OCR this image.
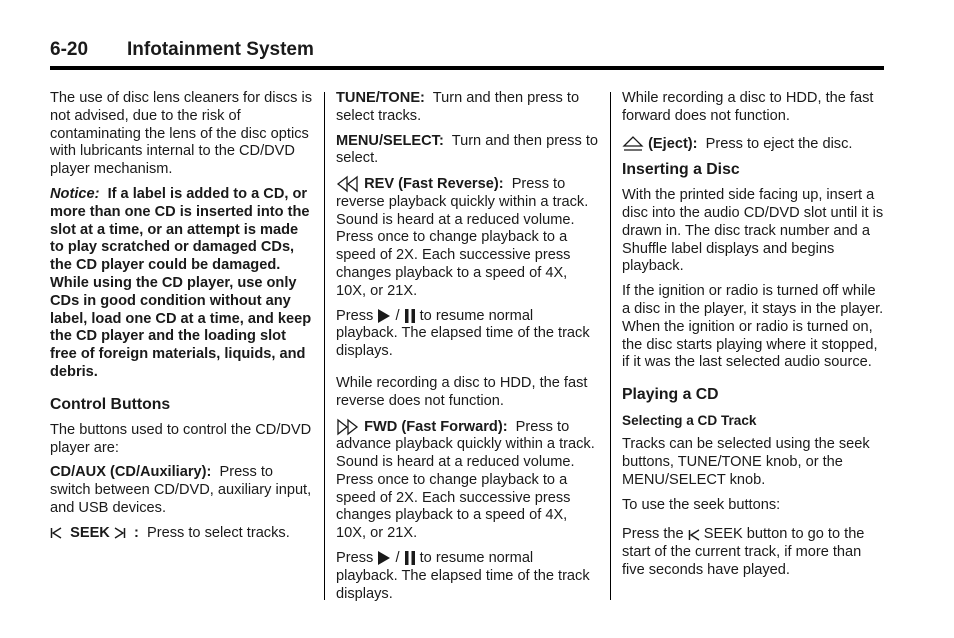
6-20 Infotainment System

The use of disc lens cleaners for discs is not advised, due to the risk of contaminating the lens of the disc optics with lubricants internal to the CD/DVD player mechanism.

Notice: If a label is added to a CD, or more than one CD is inserted into the slot at a time, or an attempt is made to play scratched or damaged CDs, the CD player could be damaged. While using the CD player, use only CDs in good condition without any label, load one CD at a time, and keep the CD player and the loading slot free of foreign materials, liquids, and debris.

Control Buttons

The buttons used to control the CD/DVD player are:

CD/AUX (CD/Auxiliary): Press to switch between CD/DVD, auxiliary input, and USB devices.

SEEK : Press to select tracks.

TUNE/TONE: Turn and then press to select tracks.

MENU/SELECT: Turn and then press to select.

REV (Fast Reverse): Press to reverse playback quickly within a track. Sound is heard at a reduced volume. Press once to change playback to a speed of 2X. Each successive press changes playback to a speed of 4X, 10X, or 21X.

Press / to resume normal playback. The elapsed time of the track displays.

While recording a disc to HDD, the fast reverse does not function.

FWD (Fast Forward): Press to advance playback quickly within a track. Sound is heard at a reduced volume. Press once to change playback to a speed of 2X. Each successive press changes playback to a speed of 4X, 10X, or 21X.

Press / to resume normal playback. The elapsed time of the track displays.

While recording a disc to HDD, the fast forward does not function.

(Eject): Press to eject the disc.

Inserting a Disc

With the printed side facing up, insert a disc into the audio CD/DVD slot until it is drawn in. The disc track number and a Shuffle label displays and begins playback.

If the ignition or radio is turned off while a disc in the player, it stays in the player. When the ignition or radio is turned on, the disc starts playing where it stopped, if it was the last selected audio source.

Playing a CD
Selecting a CD Track

Tracks can be selected using the seek buttons, TUNE/TONE knob, or the MENU/SELECT knob.

To use the seek buttons:

Press the SEEK button to go to the start of the current track, if more than five seconds have played.
